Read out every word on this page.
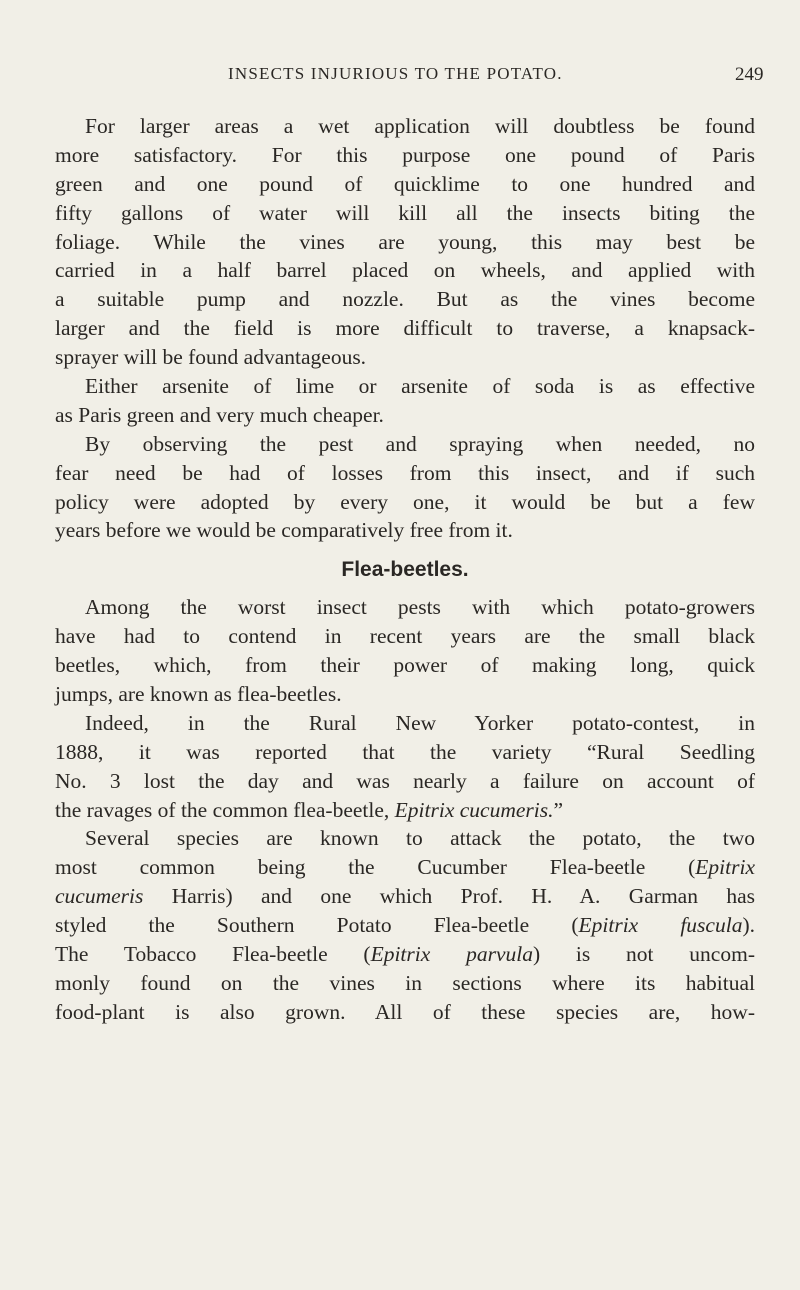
INSECTS INJURIOUS TO THE POTATO.	249
For larger areas a wet application will doubtless be found
more satisfactory. For this purpose one pound of Paris
green and one pound of quicklime to one hundred and
fifty gallons of water will kill all the insects biting the
foliage. While the vines are young, this may best be
carried in a half barrel placed on wheels, and applied with
a suitable pump and nozzle. But as the vines become
larger and the field is more difficult to traverse, a knapsack-
sprayer will be found advantageous.
Either arsenite of lime or arsenite of soda is as effective
as Paris green and very much cheaper.
By observing the pest and spraying when needed, no
fear need be had of losses from this insect, and if such
policy were adopted by every one, it would be but a few
years before we would be comparatively free from it.
Flea-beetles.
Among the worst insect pests with which potato-growers
have had to contend in recent years are the small black
beetles, which, from their power of making long, quick
jumps, are known as flea-beetles.
Indeed, in the Rural New Yorker potato-contest, in
1888, it was reported that the variety “Rural Seedling
No. 3 lost the day and was nearly a failure on account of
the ravages of the common flea-beetle, Epitrix cucumeris.”
Several species are known to attack the potato, the two
most common being the Cucumber Flea-beetle (Epitrix
cucumeris Harris) and one which Prof. H. A. Garman has
styled the Southern Potato Flea-beetle (Epitrix fuscula).
The Tobacco Flea-beetle (Epitrix parvula) is not uncom-
monly found on the vines in sections where its habitual
food-plant is also grown. All of these species are, how-
